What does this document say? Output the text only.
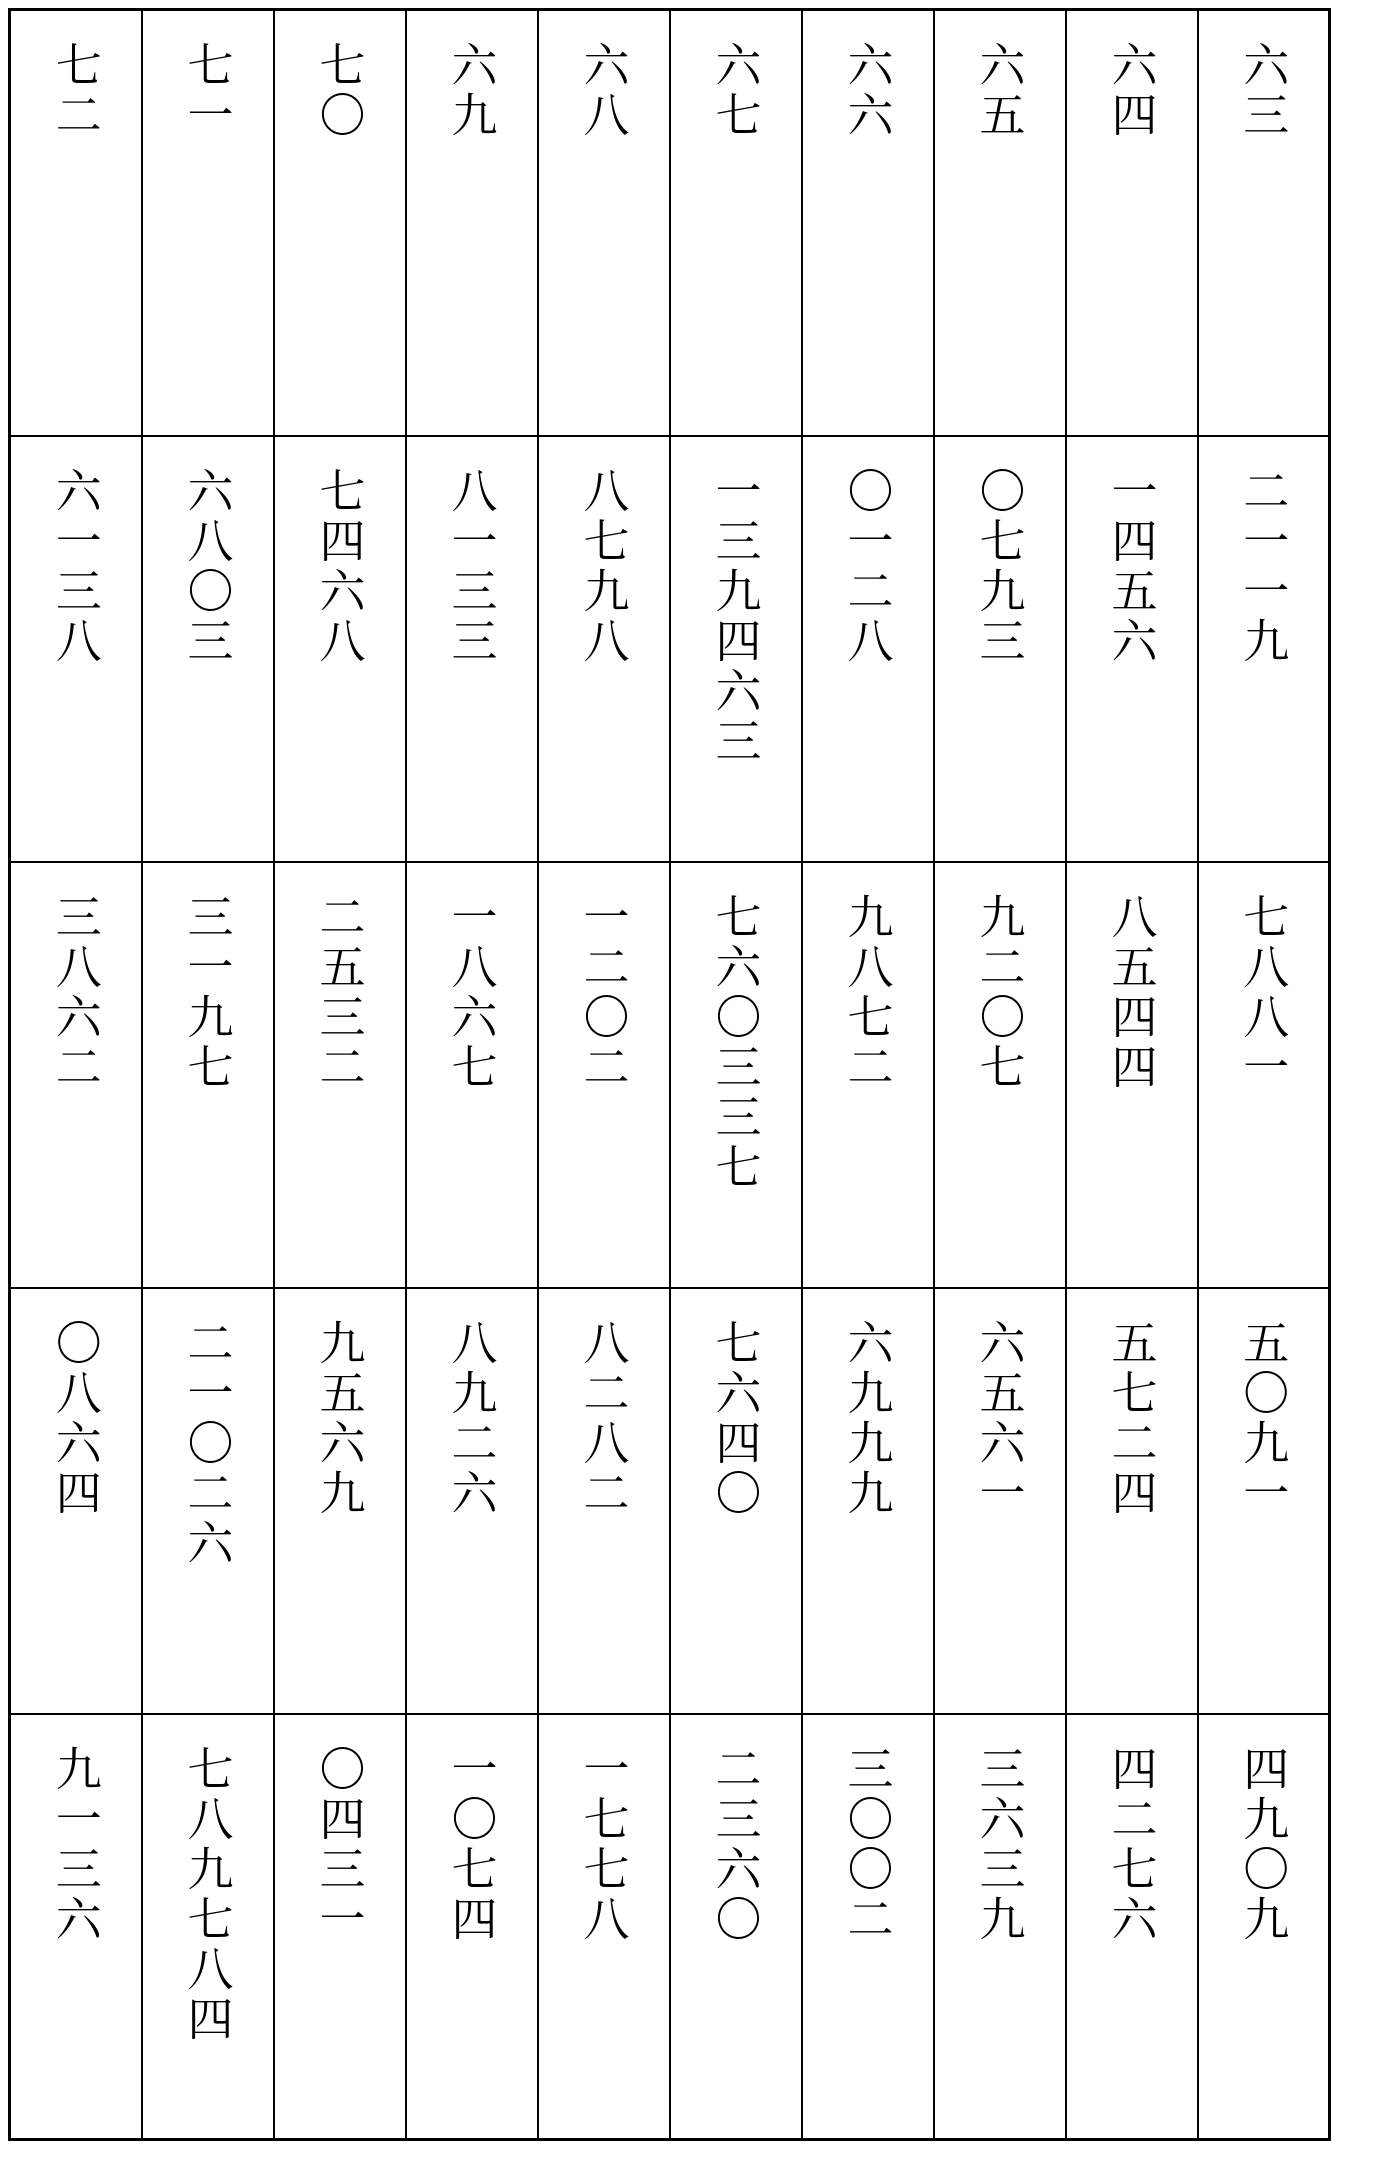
七二	七一	七〇	六九	六八	六七	六六	六五	六四	六三
六一三八	六八〇三	七四六八	八一三三	八七九八	一三九四六三	〇一二八	〇七九三	一四五六	二一一九
三八六二	三一九七	二五三二	一八六七	一二〇二	七六〇三三七	九八七二	九二〇七	八五四四	七八八一
〇八六四	二一〇二六	九五六九	八九二六	八二八二	七六四〇	六九九九	六五六一	五七二四	五〇九一
九一三六	七八九七八四	〇四三一	一〇七四	一七七八	二三六〇	三〇〇二	三六三九	四二七六	四九〇九
